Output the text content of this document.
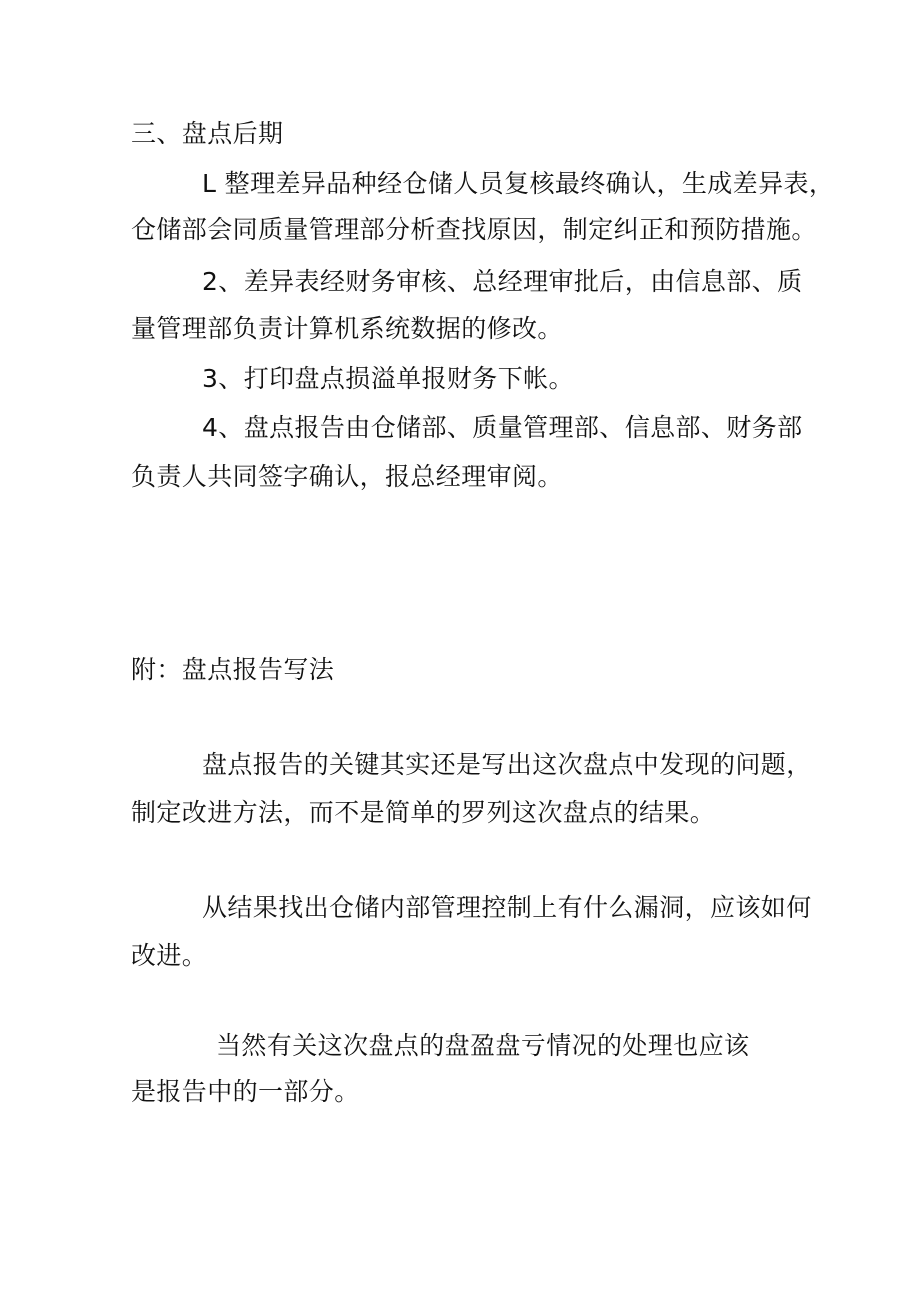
三、盘点后期
L 整理差异品种经仓储人员复核最终确认，生成差异表，
仓储部会同质量管理部分析查找原因，制定纠正和预防措施。
2、差异表经财务审核、总经理审批后，由信息部、质
量管理部负责计算机系统数据的修改。
3、打印盘点损溢单报财务下帐。
4、盘点报告由仓储部、质量管理部、信息部、财务部
负责人共同签字确认，报总经理审阅。
附：盘点报告写法
盘点报告的关键其实还是写出这次盘点中发现的问题，
制定改进方法，而不是简单的罗列这次盘点的结果。
从结果找出仓储内部管理控制上有什么漏洞，应该如何
改进。
当然有关这次盘点的盘盈盘亏情况的处理也应该
是报告中的一部分。
